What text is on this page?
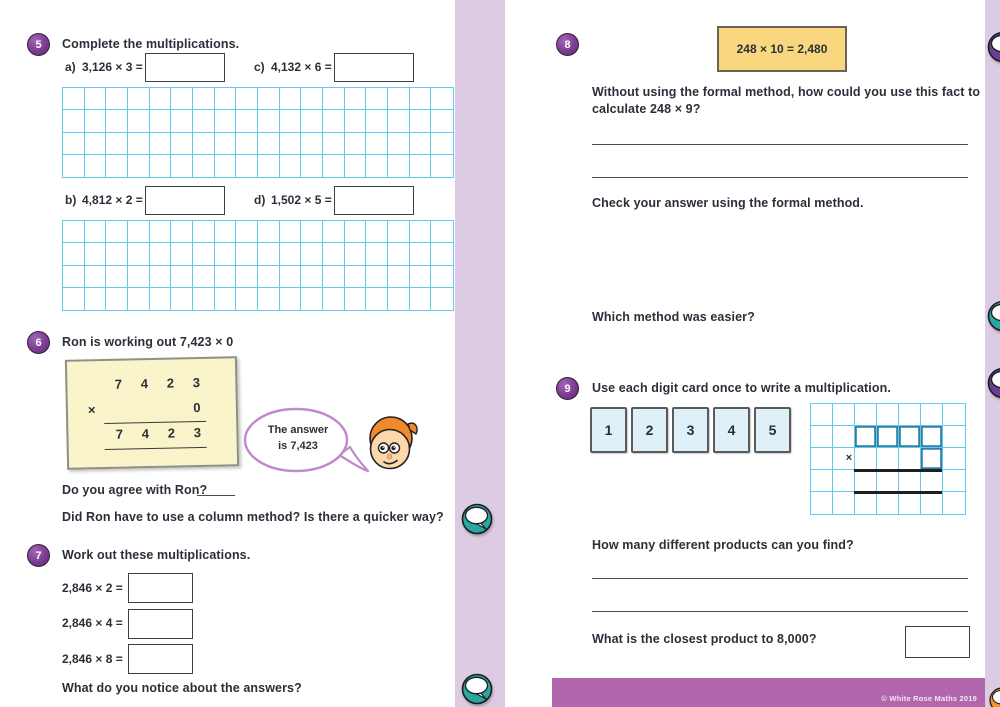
5 Complete the multiplications.
a) 3,126 × 3 =	c) 4,132 × 6 =
b) 4,812 × 2 =	d) 1,502 × 5 =
6 Ron is working out 7,423 × 0
7	4	2	3
×	0
7	4	2	3	The answer
is 7,423
Do you agree with Ron?
Did Ron have to use a column method? Is there a quicker way?
7 Work out these multiplications.
2,846 × 2 =
2,846 × 4 =
2,846 × 8 =
What do you notice about the answers?
8	248 × 10 = 2,480
Without using the formal method, how could you use this fact to
calculate 248 × 9?
Check your answer using the formal method.
Which method was easier?
9 Use each digit card once to write a multiplication.
1 2 3 4 5
×
How many different products can you find?
What is the closest product to 8,000?
© White Rose Maths 2019
